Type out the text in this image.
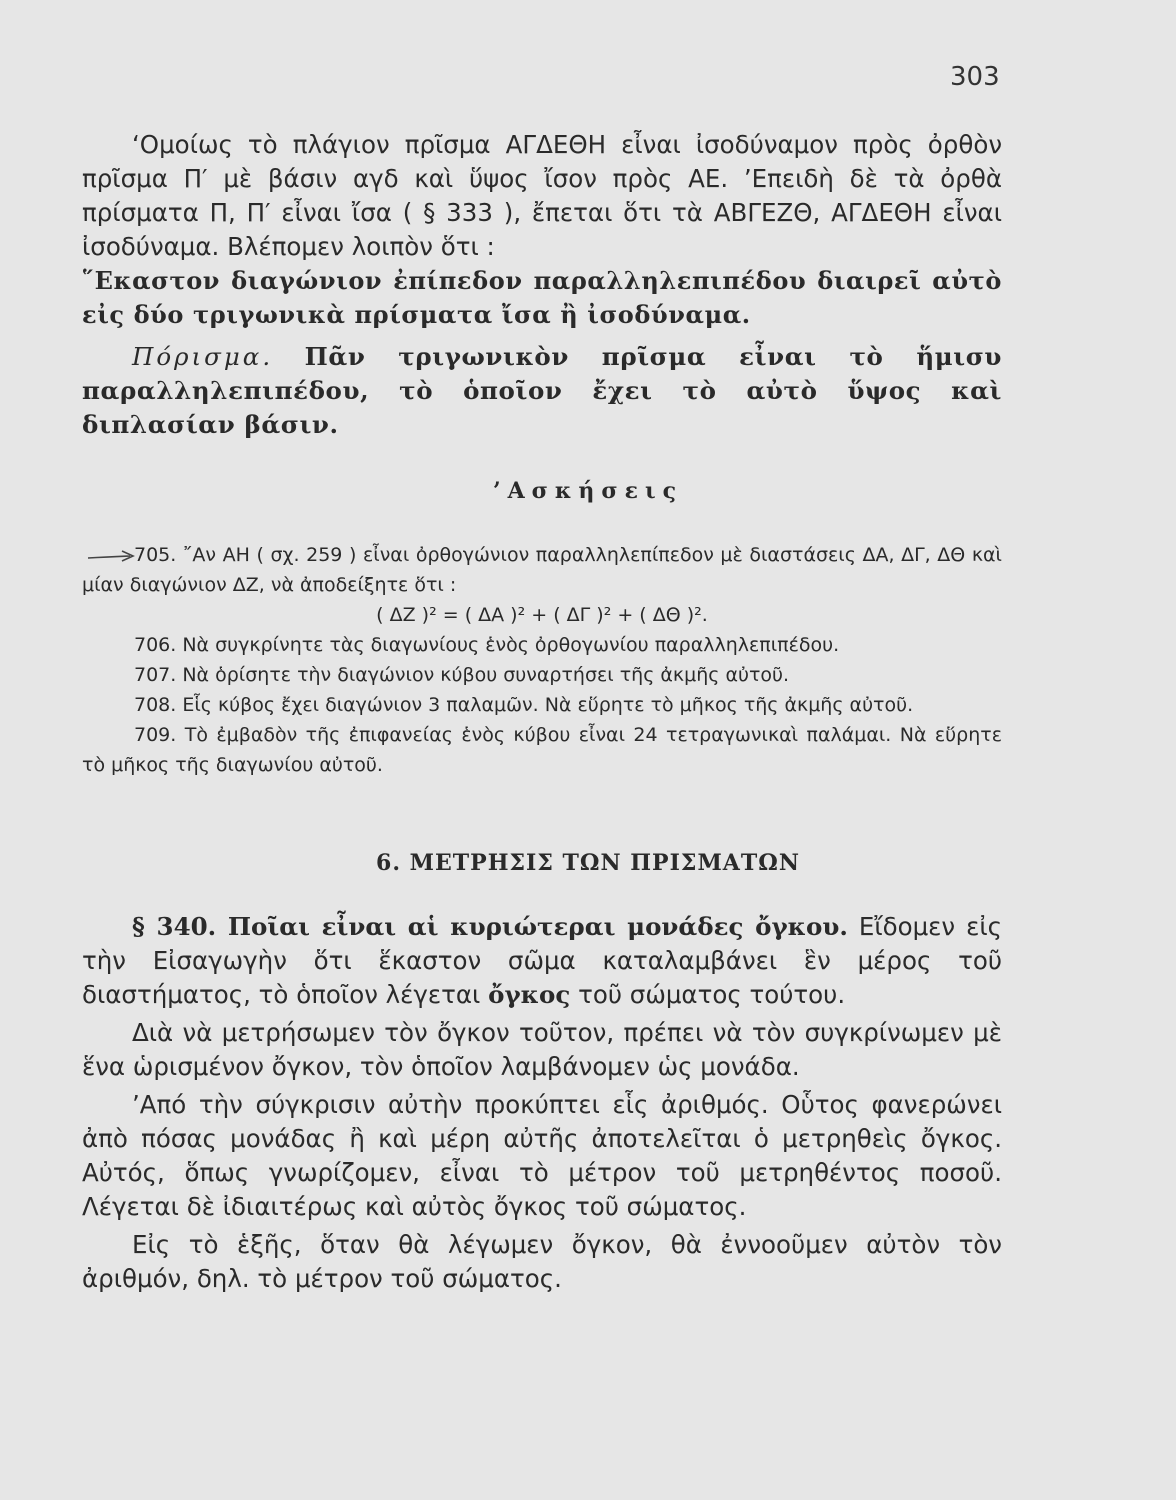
303

‘Ομοίως τὸ πλάγιον πρῖσμα ΑΓΔΕΘΗ εἶναι ἰσοδύναμον πρὸς ὀρθὸν πρῖσμα Π′ μὲ βάσιν αγδ καὶ ὕψος ἴσον πρὸς ΑΕ. ’Επειδὴ δὲ τὰ ὀρθὰ πρίσματα Π, Π′ εἶναι ἴσα ( § 333 ), ἔπεται ὅτι τὰ ΑΒΓΕΖΘ, ΑΓΔΕΘΗ εἶναι ἰσοδύναμα. Βλέπομεν λοιπὸν ὅτι :

῞Εκαστον διαγώνιον ἐπίπεδον παραλληλεπιπέδου διαιρεῖ αὐτὸ εἰς δύο τριγωνικὰ πρίσματα ἴσα ἢ ἰσοδύναμα.

Πόρισμα. Πᾶν τριγωνικὸν πρῖσμα εἶναι τὸ ἥμισυ παραλληλεπιπέδου, τὸ ὁποῖον ἔχει τὸ αὐτὸ ὕψος καὶ διπλασίαν βάσιν.

’Ασκήσεις

705. ῎Αν ΑΗ ( σχ. 259 ) εἶναι ὀρθογώνιον παραλληλεπίπεδον μὲ διαστάσεις ΔΑ, ΔΓ, ΔΘ καὶ μίαν διαγώνιον ΔΖ, νὰ ἀποδείξητε ὅτι :

( ΔΖ )² = ( ΔΑ )² + ( ΔΓ )² + ( ΔΘ )².

706. Νὰ συγκρίνητε τὰς διαγωνίους ἑνὸς ὀρθογωνίου παραλληλεπιπέδου.

707. Νὰ ὁρίσητε τὴν διαγώνιον κύβου συναρτήσει τῆς ἀκμῆς αὐτοῦ.

708. Εἷς κύβος ἔχει διαγώνιον 3 παλαμῶν. Νὰ εὕρητε τὸ μῆκος τῆς ἀκμῆς αὐτοῦ.

709. Τὸ ἐμβαδὸν τῆς ἐπιφανείας ἑνὸς κύβου εἶναι 24 τετραγωνικαὶ παλάμαι. Νὰ εὕρητε τὸ μῆκος τῆς διαγωνίου αὐτοῦ.

6. ΜΕΤΡΗΣΙΣ ΤΩΝ ΠΡΙΣΜΑΤΩΝ

§ 340. Ποῖαι εἶναι αἱ κυριώτεραι μονάδες ὄγκου. Εἴδομεν εἰς τὴν Εἰσαγωγὴν ὅτι ἕκαστον σῶμα καταλαμβάνει ἓν μέρος τοῦ διαστήματος, τὸ ὁποῖον λέγεται ὄγκος τοῦ σώματος τούτου.

Διὰ νὰ μετρήσωμεν τὸν ὄγκον τοῦτον, πρέπει νὰ τὸν συγκρίνωμεν μὲ ἕνα ὡρισμένον ὄγκον, τὸν ὁποῖον λαμβάνομεν ὡς μονάδα.

’Από τὴν σύγκρισιν αὐτὴν προκύπτει εἷς ἀριθμός. Οὗτος φανερώνει ἀπὸ πόσας μονάδας ἢ καὶ μέρη αὐτῆς ἀποτελεῖται ὁ μετρηθεὶς ὄγκος. Αὐτός, ὅπως γνωρίζομεν, εἶναι τὸ μέτρον τοῦ μετρηθέντος ποσοῦ. Λέγεται δὲ ἰδιαιτέρως καὶ αὐτὸς ὄγκος τοῦ σώματος.

Εἰς τὸ ἑξῆς, ὅταν θὰ λέγωμεν ὄγκον, θὰ ἐννοοῦμεν αὐτὸν τὸν ἀριθμόν, δηλ. τὸ μέτρον τοῦ σώματος.
